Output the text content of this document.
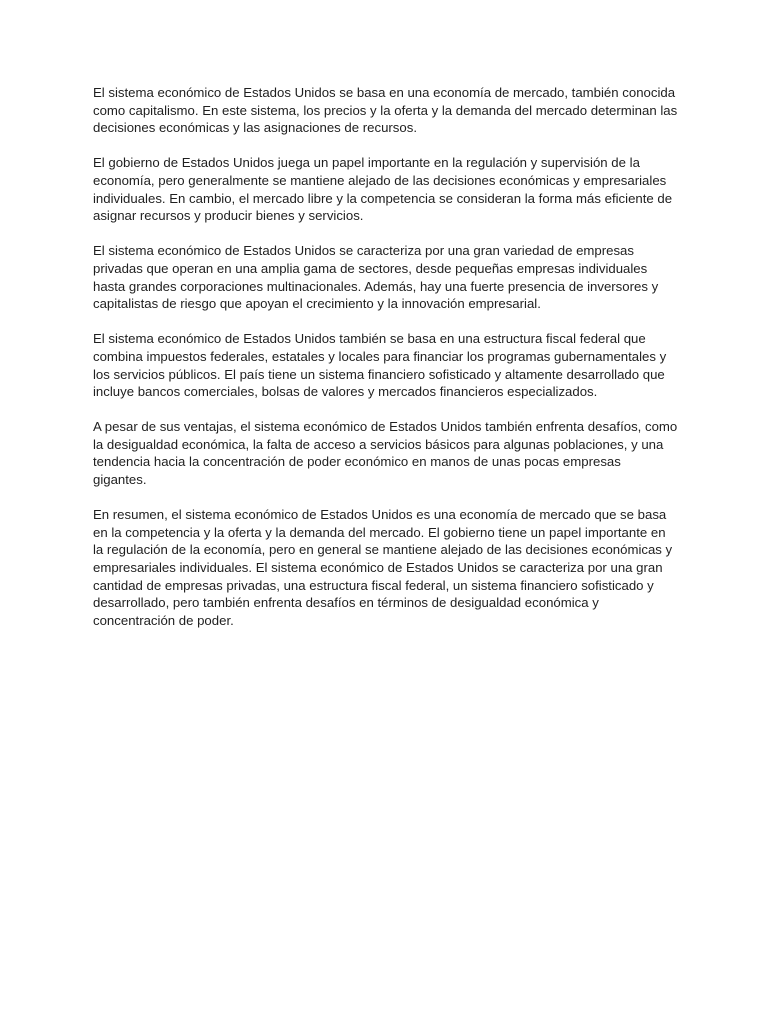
El sistema económico de Estados Unidos se basa en una economía de mercado, también conocida como capitalismo. En este sistema, los precios y la oferta y la demanda del mercado determinan las decisiones económicas y las asignaciones de recursos.

El gobierno de Estados Unidos juega un papel importante en la regulación y supervisión de la economía, pero generalmente se mantiene alejado de las decisiones económicas y empresariales individuales. En cambio, el mercado libre y la competencia se consideran la forma más eficiente de asignar recursos y producir bienes y servicios.

El sistema económico de Estados Unidos se caracteriza por una gran variedad de empresas privadas que operan en una amplia gama de sectores, desde pequeñas empresas individuales hasta grandes corporaciones multinacionales. Además, hay una fuerte presencia de inversores y capitalistas de riesgo que apoyan el crecimiento y la innovación empresarial.

El sistema económico de Estados Unidos también se basa en una estructura fiscal federal que combina impuestos federales, estatales y locales para financiar los programas gubernamentales y los servicios públicos. El país tiene un sistema financiero sofisticado y altamente desarrollado que incluye bancos comerciales, bolsas de valores y mercados financieros especializados.

A pesar de sus ventajas, el sistema económico de Estados Unidos también enfrenta desafíos, como la desigualdad económica, la falta de acceso a servicios básicos para algunas poblaciones, y una tendencia hacia la concentración de poder económico en manos de unas pocas empresas gigantes.

En resumen, el sistema económico de Estados Unidos es una economía de mercado que se basa en la competencia y la oferta y la demanda del mercado. El gobierno tiene un papel importante en la regulación de la economía, pero en general se mantiene alejado de las decisiones económicas y empresariales individuales. El sistema económico de Estados Unidos se caracteriza por una gran cantidad de empresas privadas, una estructura fiscal federal, un sistema financiero sofisticado y desarrollado, pero también enfrenta desafíos en términos de desigualdad económica y concentración de poder.
